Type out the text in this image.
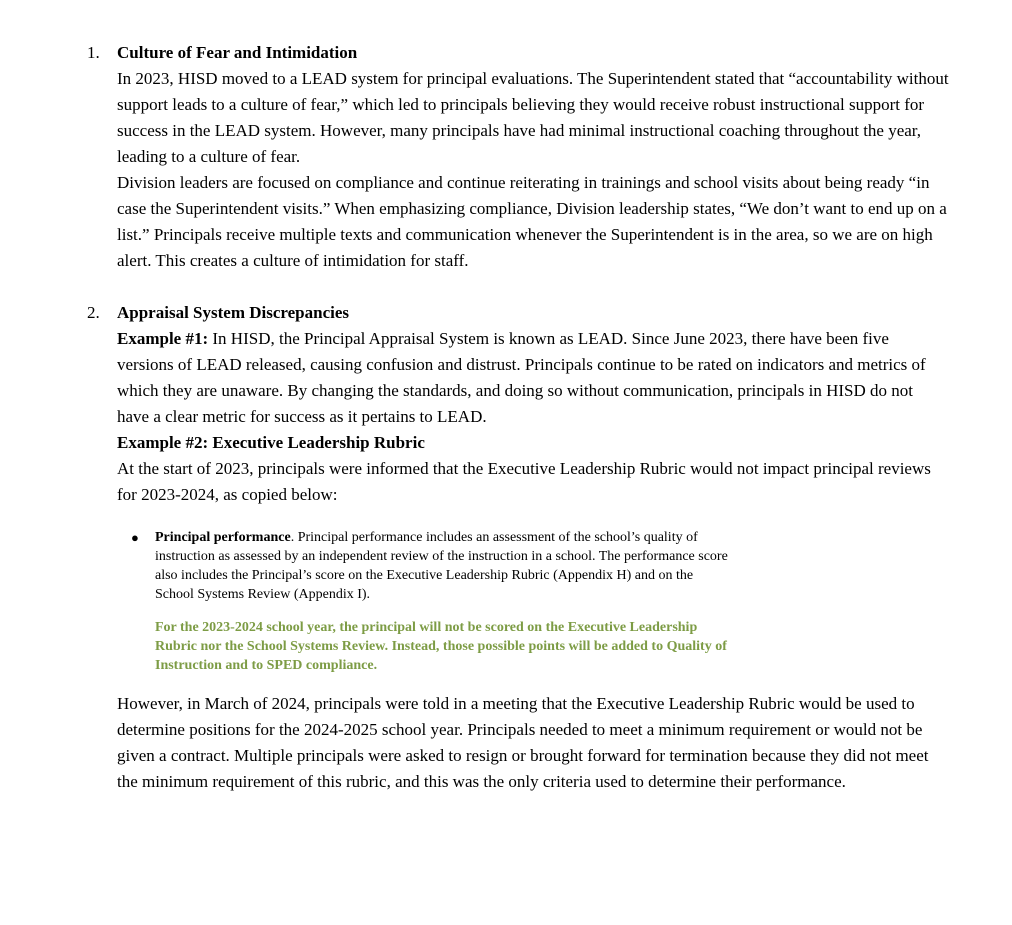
1.	Culture of Fear and Intimidation

In 2023, HISD moved to a LEAD system for principal evaluations. The Superintendent stated that “accountability without support leads to a culture of fear,” which led to principals believing they would receive robust instructional support for success in the LEAD system. However, many principals have had minimal instructional coaching throughout the year, leading to a culture of fear.

Division leaders are focused on compliance and continue reiterating in trainings and school visits about being ready “in case the Superintendent visits.” When emphasizing compliance, Division leadership states, “We don’t want to end up on a list.” Principals receive multiple texts and communication whenever the Superintendent is in the area, so we are on high alert. This creates a culture of intimidation for staff.

2.	Appraisal System Discrepancies

Example #1: In HISD, the Principal Appraisal System is known as LEAD. Since June 2023, there have been five versions of LEAD released, causing confusion and distrust. Principals continue to be rated on indicators and metrics of which they are unaware. By changing the standards, and doing so without communication, principals in HISD do not have a clear metric for success as it pertains to LEAD.

Example #2: Executive Leadership Rubric

At the start of 2023, principals were informed that the Executive Leadership Rubric would not impact principal reviews for 2023-2024, as copied below:

●	Principal performance. Principal performance includes an assessment of the school’s quality of instruction as assessed by an independent review of the instruction in a school. The performance score also includes the Principal’s score on the Executive Leadership Rubric (Appendix H) and on the School Systems Review (Appendix I).

For the 2023-2024 school year, the principal will not be scored on the Executive Leadership Rubric nor the School Systems Review. Instead, those possible points will be added to Quality of Instruction and to SPED compliance.

However, in March of 2024, principals were told in a meeting that the Executive Leadership Rubric would be used to determine positions for the 2024-2025 school year. Principals needed to meet a minimum requirement or would not be given a contract. Multiple principals were asked to resign or brought forward for termination because they did not meet the minimum requirement of this rubric, and this was the only criteria used to determine their performance.
